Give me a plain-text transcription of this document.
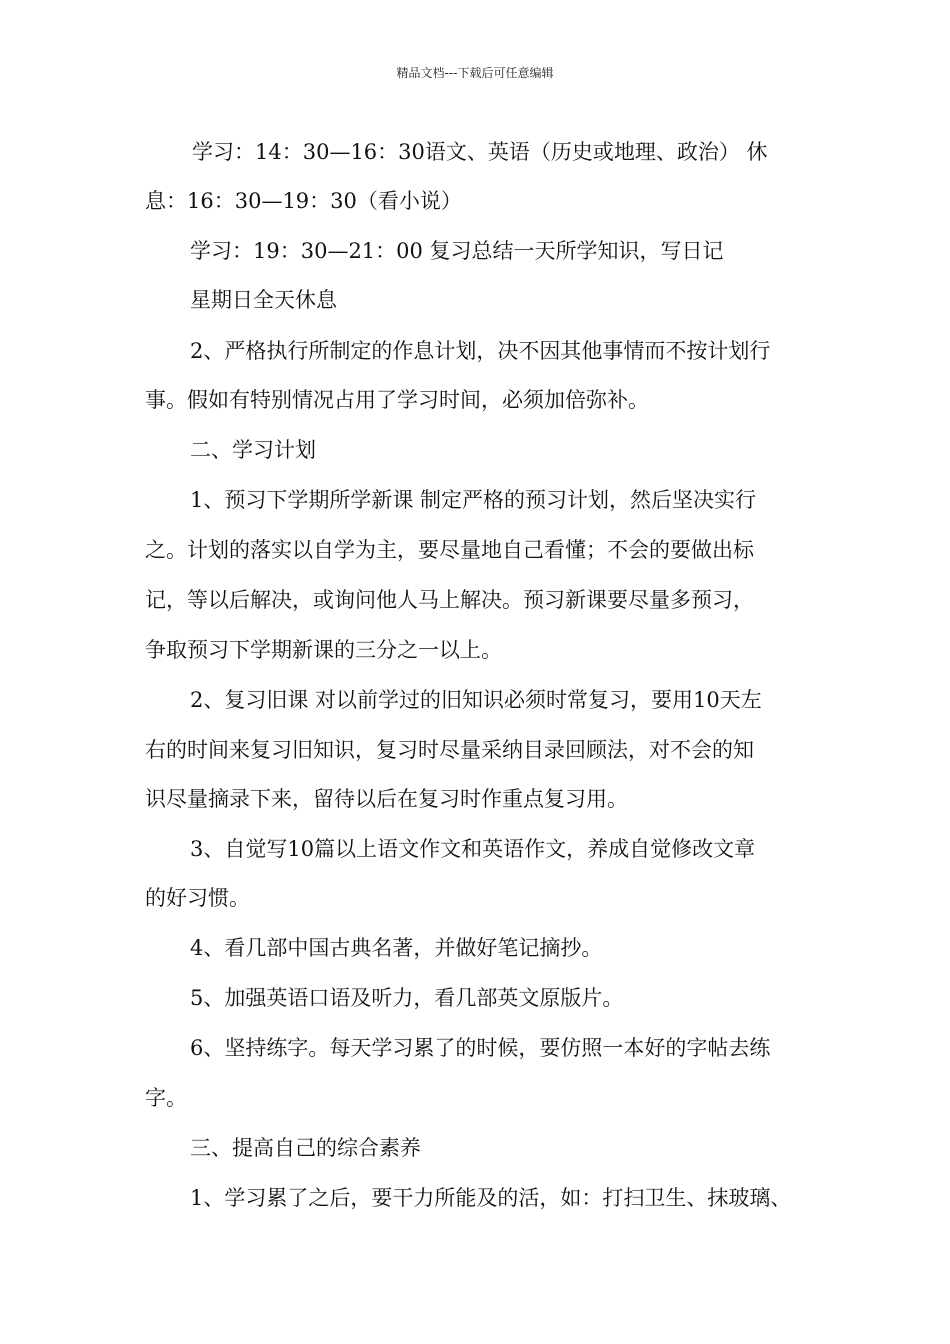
精品文档---下载后可任意编辑
学习：14：30—16：30语文、英语（历史或地理、政治） 休
息：16：30—19：30（看小说）
学习：19：30—21：00 复习总结一天所学知识，写日记
星期日全天休息
2、严格执行所制定的作息计划，决不因其他事情而不按计划行
事。假如有特别情况占用了学习时间，必须加倍弥补。
二、学习计划
1、预习下学期所学新课 制定严格的预习计划，然后坚决实行
之。计划的落实以自学为主，要尽量地自己看懂；不会的要做出标
记，等以后解决，或询问他人马上解决。预习新课要尽量多预习，
争取预习下学期新课的三分之一以上。
2、复习旧课 对以前学过的旧知识必须时常复习，要用10天左
右的时间来复习旧知识，复习时尽量采纳目录回顾法，对不会的知
识尽量摘录下来，留待以后在复习时作重点复习用。
3、自觉写10篇以上语文作文和英语作文，养成自觉修改文章
的好习惯。
4、看几部中国古典名著，并做好笔记摘抄。
5、加强英语口语及听力，看几部英文原版片。
6、坚持练字。每天学习累了的时候，要仿照一本好的字帖去练
字。
三、提高自己的综合素养
1、学习累了之后，要干力所能及的活，如：打扫卫生、抹玻璃、
